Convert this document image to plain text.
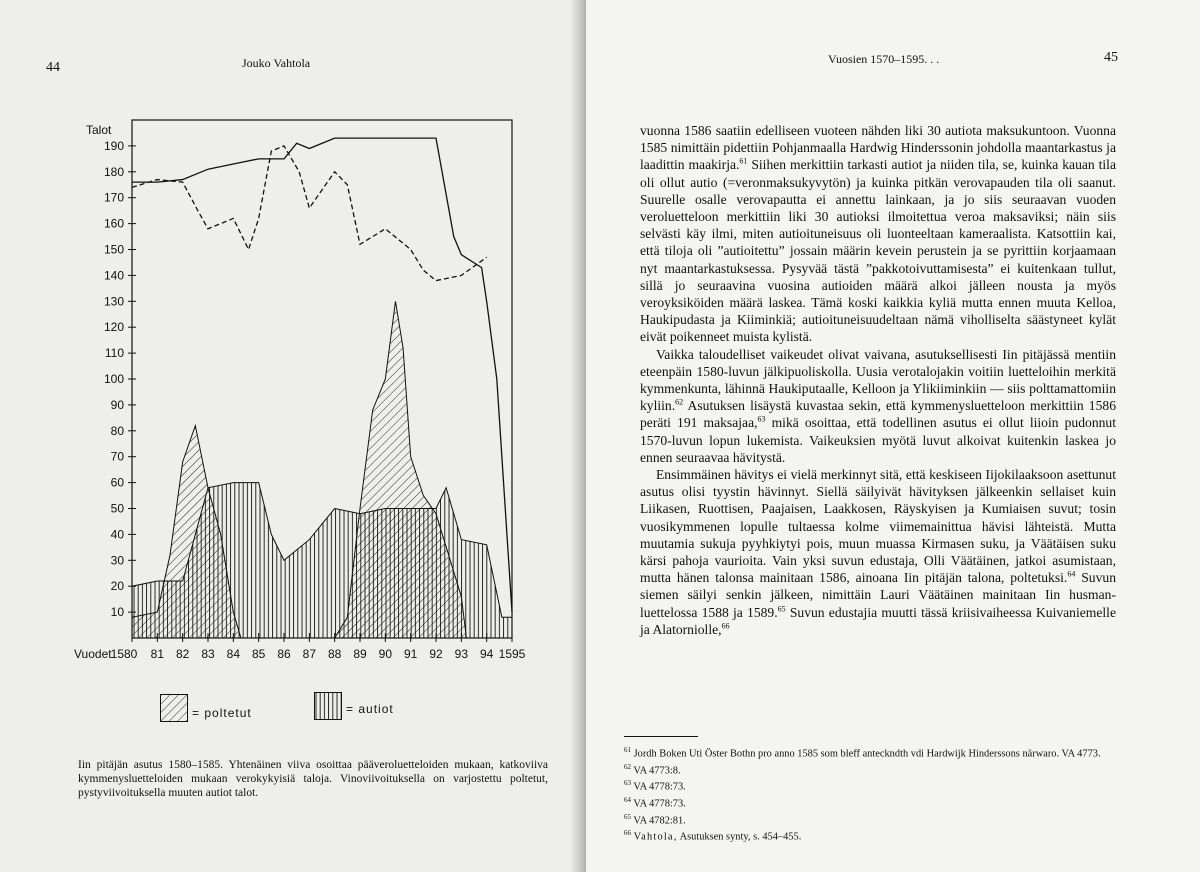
44	Jouko Vahtola
10
20
30
40
50
60
70
80
90
100
110
120
130
140
150
160
170
180
190
Talot
1580 81 82 83 84 85 86 87 88 89 90 91 92 93 94 1595
Vuodet
= poltetut	= autiot
Iin pitäjän asutus 1580–1585. Yhtenäinen viiva osoittaa pääveroluetteloiden mukaan, katkoviiva kymmenysluetteloiden mukaan verokykyisiä taloja. Vinoviivoituksella on varjostettu poltetut, pystyviivoituksella muuten autiot talot.
Vuosien 1570–1595. . .	45

vuonna 1586 saatiin edelliseen vuoteen nähden liki 30 autiota maksukuntoon. Vuonna 1585 nimittäin pidettiin Pohjanmaalla Hardwig Hinderssonin johdolla maantarkastus ja laadittin maakirja.$^{61}$ Siihen merkittiin tarkasti autiot ja niiden tila, se, kuinka kauan tila oli ollut autio (=veronmaksukyvytön) ja kuinka pitkän verovapauden tila oli saanut. Suurelle osalle verovapautta ei annettu lainkaan, ja jo siis seuraavan vuoden veroluetteloon merkittiin liki 30 autioksi ilmoitettua veroa maksaviksi; näin siis selvästi käy ilmi, miten autioituneisuus oli luonteeltaan kameraalista. Katsottiin kai, että tiloja oli ”autioitettu” jossain määrin kevein perustein ja se pyrittiin korjaamaan nyt maantarkastuksessa. Pysyvää tästä ”pakkotoivuttamisesta” ei kuitenkaan tullut, sillä jo seuraavina vuosina autioiden määrä alkoi jälleen nousta ja myös veroyksiköiden määrä laskea. Tämä koski kaikkia kyliä mutta ennen muuta Kelloa, Haukipudasta ja Kiiminkiä; autioituneisuudeltaan nämä viholliselta säästyneet kylät eivät poikenneet muista kylistä.

Vaikka taloudelliset vaikeudet olivat vaivana, asutuksellisesti Iin pitäjässä mentiin eteenpäin 1580-luvun jälkipuoliskolla. Uusia verotalojakin voitiin luetteloihin merkitä kymmenkunta, lähinnä Haukiputaalle, Kelloon ja Ylikiiminkiin — siis polttamattomiin kyliin.$^{62}$ Asutuksen lisäystä kuvastaa sekin, että kymmenysluetteloon merkittiin 1586 peräti 191 maksajaa,$^{63}$ mikä osoittaa, että todellinen asutus ei ollut liioin pudonnut 1570-luvun lopun lukemista. Vaikeuksien myötä luvut alkoivat kuitenkin laskea jo ennen seuraavaa hävitystä.

Ensimmäinen hävitys ei vielä merkinnyt sitä, että keskiseen Iijokilaaksoon asettunut asutus olisi tyystin hävinnyt. Siellä säilyivät hävityksen jälkeenkin sellaiset kuin Liikasen, Ruottisen, Paajaisen, Laakkosen, Räyskyisen ja Kumiaisen suvut; tosin vuosikymmenen lopulle tultaessa kolme viimemainittua hävisi lähteistä. Mutta muutamia sukuja pyyhkiytyi pois, muun muassa Kirmasen suku, ja Väätäisen suku kärsi pahoja vaurioita. Vain yksi suvun edustaja, Olli Väätäinen, jatkoi asumistaan, mutta hänen talonsa mainitaan 1586, ainoana Iin pitäjän talona, poltetuksi.$^{64}$ Suvun siemen säilyi senkin jälkeen, nimittäin Lauri Väätäinen mainitaan Iin husman-luettelossa 1588 ja 1589.65 Suvun edustajia muutti tässä kriisivaiheessa Kuivaniemelle ja Alatorniolle,$^{66}$

$^{61}$ Jordh Boken Uti Öster Bothn pro anno 1585 som bleff anteckndth vdi Hardwijk Hinderssons närwaro. VA 4773.

$^{62}$ VA 4773:8.

$^{63}$ VA 4778:73.

$^{64}$ VA 4778:73.

$^{65}$ VA 4782:81.

$^{66}$ Vahtola, Asutuksen synty, s. 454–455.
